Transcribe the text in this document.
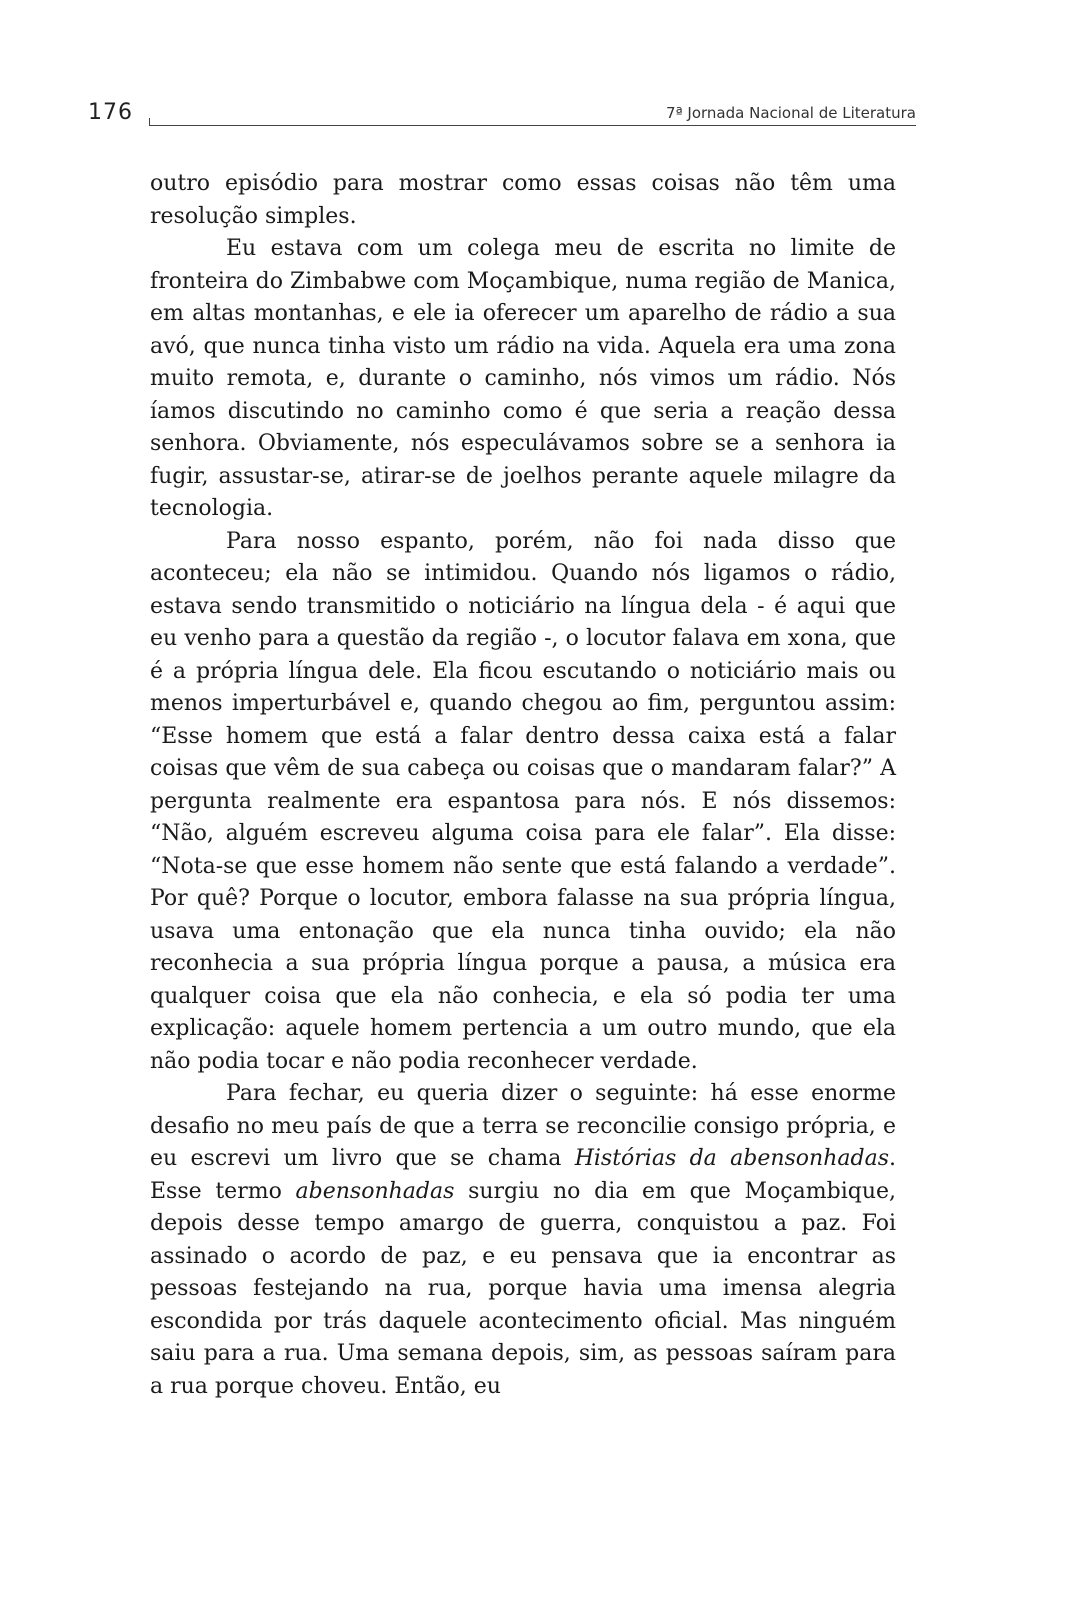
176	7ª Jornada Nacional de Literatura

outro episódio para mostrar como essas coisas não têm uma resolução simples.

Eu estava com um colega meu de escrita no limite de fronteira do Zimbabwe com Moçambique, numa região de Manica, em altas montanhas, e ele ia oferecer um aparelho de rádio a sua avó, que nunca tinha visto um rádio na vida. Aquela era uma zona muito remota, e, durante o caminho, nós vimos um rádio. Nós íamos discutindo no caminho como é que seria a reação dessa senhora. Obviamente, nós especulávamos sobre se a senhora ia fugir, assustar-se, atirar-se de joelhos perante aquele milagre da tecnologia.

Para nosso espanto, porém, não foi nada disso que aconteceu; ela não se intimidou. Quando nós ligamos o rádio, estava sendo transmitido o noticiário na língua dela - é aqui que eu venho para a questão da região -, o locutor falava em xona, que é a própria língua dele. Ela ficou escutando o noticiário mais ou menos imperturbável e, quando chegou ao fim, perguntou assim: “Esse homem que está a falar dentro dessa caixa está a falar coisas que vêm de sua cabeça ou coisas que o mandaram falar?” A pergunta realmente era espantosa para nós. E nós dissemos: “Não, alguém escreveu alguma coisa para ele falar”. Ela disse: “Nota-se que esse homem não sente que está falando a verdade”. Por quê? Porque o locutor, embora falasse na sua própria língua, usava uma entonação que ela nunca tinha ouvido; ela não reconhecia a sua própria língua porque a pausa, a música era qualquer coisa que ela não conhecia, e ela só podia ter uma explicação: aquele homem pertencia a um outro mundo, que ela não podia tocar e não podia reconhecer verdade.

Para fechar, eu queria dizer o seguinte: há esse enorme desafio no meu país de que a terra se reconcilie consigo própria, e eu escrevi um livro que se chama Histórias da abensonhadas. Esse termo abensonhadas surgiu no dia em que Moçambique, depois desse tempo amargo de guerra, conquistou a paz. Foi assinado o acordo de paz, e eu pensava que ia encontrar as pessoas festejando na rua, porque havia uma imensa alegria escondida por trás daquele acontecimento oficial. Mas ninguém saiu para a rua. Uma semana depois, sim, as pessoas saíram para a rua porque choveu. Então, eu
